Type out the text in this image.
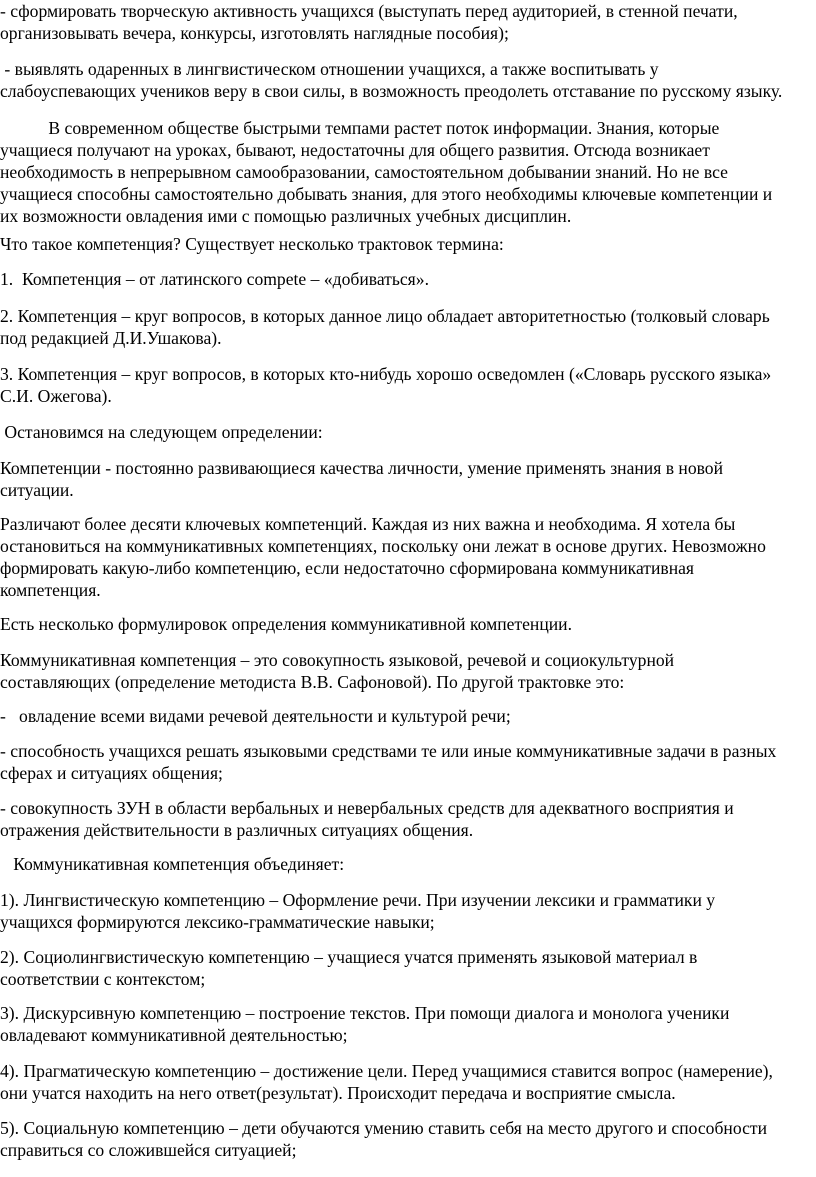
- сформировать творческую активность учащихся (выступать перед аудиторией, в стенной печати,
организовывать вечера, конкурсы, изготовлять наглядные пособия);

- выявлять одаренных в лингвистическом отношении учащихся, а также воспитывать у
слабоуспевающих учеников веру в свои силы, в возможность преодолеть отставание по русскому языку.

В современном обществе быстрыми темпами растет поток информации. Знания, которые
учащиеся получают на уроках, бывают, недостаточны для общего развития. Отсюда возникает
необходимость в непрерывном самообразовании, самостоятельном добывании знаний. Но не все
учащиеся способны самостоятельно добывать знания, для этого необходимы ключевые компетенции и
их возможности овладения ими с помощью различных учебных дисциплин.

Что такое компетенция? Существует несколько трактовок термина:

1.  Компетенция – от латинского compete – «добиваться».

2. Компетенция – круг вопросов, в которых данное лицо обладает авторитетностью (толковый словарь
под редакцией Д.И.Ушакова).

3. Компетенция – круг вопросов, в которых кто-нибудь хорошо осведомлен («Словарь русского языка»
С.И. Ожегова).

Остановимся на следующем определении:

Компетенции - постоянно развивающиеся качества личности, умение применять знания в новой
ситуации.

Различают более десяти ключевых компетенций. Каждая из них важна и необходима. Я хотела бы
остановиться на коммуникативных компетенциях, поскольку они лежат в основе других. Невозможно
формировать какую-либо компетенцию, если недостаточно сформирована коммуникативная
компетенция.

Есть несколько формулировок определения коммуникативной компетенции.

Коммуникативная компетенция – это совокупность языковой, речевой и социокультурной
составляющих (определение методиста В.В. Сафоновой). По другой трактовке это:

-   овладение всеми видами речевой деятельности и культурой речи;

- способность учащихся решать языковыми средствами те или иные коммуникативные задачи в разных
сферах и ситуациях общения;

- совокупность ЗУН в области вербальных и невербальных средств для адекватного восприятия и
отражения действительности в различных ситуациях общения.

Коммуникативная компетенция объединяет:

1). Лингвистическую компетенцию – Оформление речи. При изучении лексики и грамматики у
учащихся формируются лексико-грамматические навыки;

2). Социолингвистическую компетенцию – учащиеся учатся применять языковой материал в
соответствии с контекстом;

3). Дискурсивную компетенцию – построение текстов. При помощи диалога и монолога ученики
овладевают коммуникативной деятельностью;

4). Прагматическую компетенцию – достижение цели. Перед учащимися ставится вопрос (намерение),
они учатся находить на него ответ(результат). Происходит передача и восприятие смысла.

5). Социальную компетенцию – дети обучаются умению ставить себя на место другого и способности
справиться со сложившейся ситуацией;
